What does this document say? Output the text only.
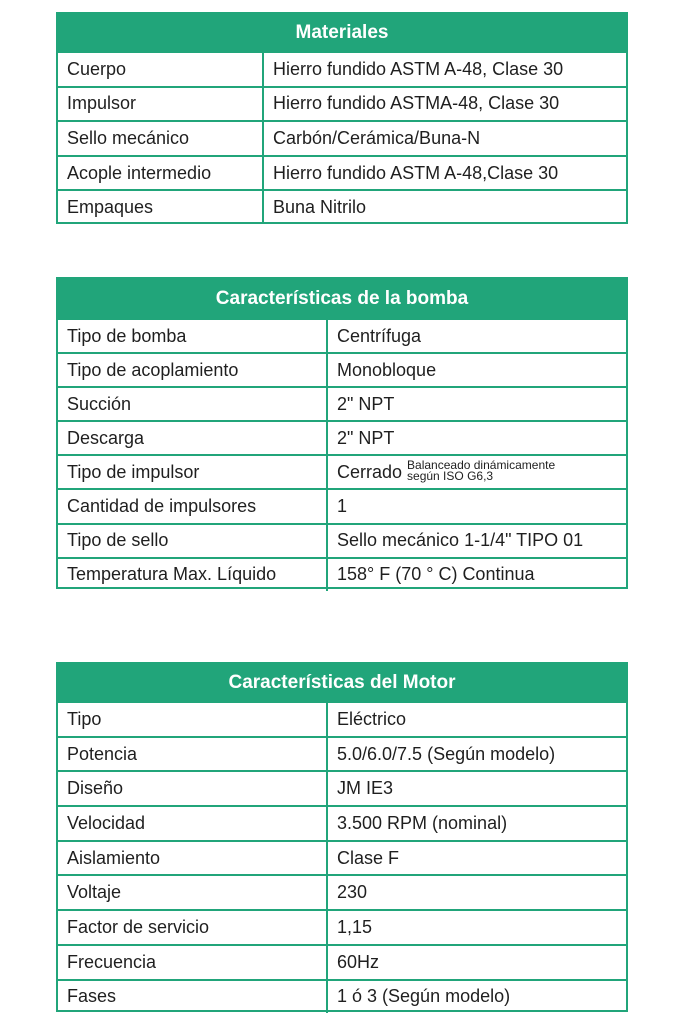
Materiales
Cuerpo	Hierro fundido ASTM A-48, Clase 30
Impulsor	Hierro fundido ASTMA-48, Clase 30
Sello mecánico	Carbón/Cerámica/Buna-N
Acople intermedio	Hierro fundido ASTM A-48,Clase 30
Empaques	Buna Nitrilo
Características de la bomba
Tipo de bomba	Centrífuga
Tipo de acoplamiento	Monobloque
Succión	2" NPT
Descarga	2" NPT
Tipo de impulsor	Cerrado Balanceado dinámicamente
según ISO G6,3
Cantidad de impulsores	1
Tipo de sello	Sello mecánico 1-1/4" TIPO 01
Temperatura Max. Líquido	158° F (70 ° C) Continua
Características del Motor
Tipo	Eléctrico
Potencia	5.0/6.0/7.5 (Según modelo)
Diseño	JM IE3
Velocidad	3.500 RPM (nominal)
Aislamiento	Clase F
Voltaje	230
Factor de servicio	1,15
Frecuencia	60Hz
Fases	1 ó 3 (Según modelo)
